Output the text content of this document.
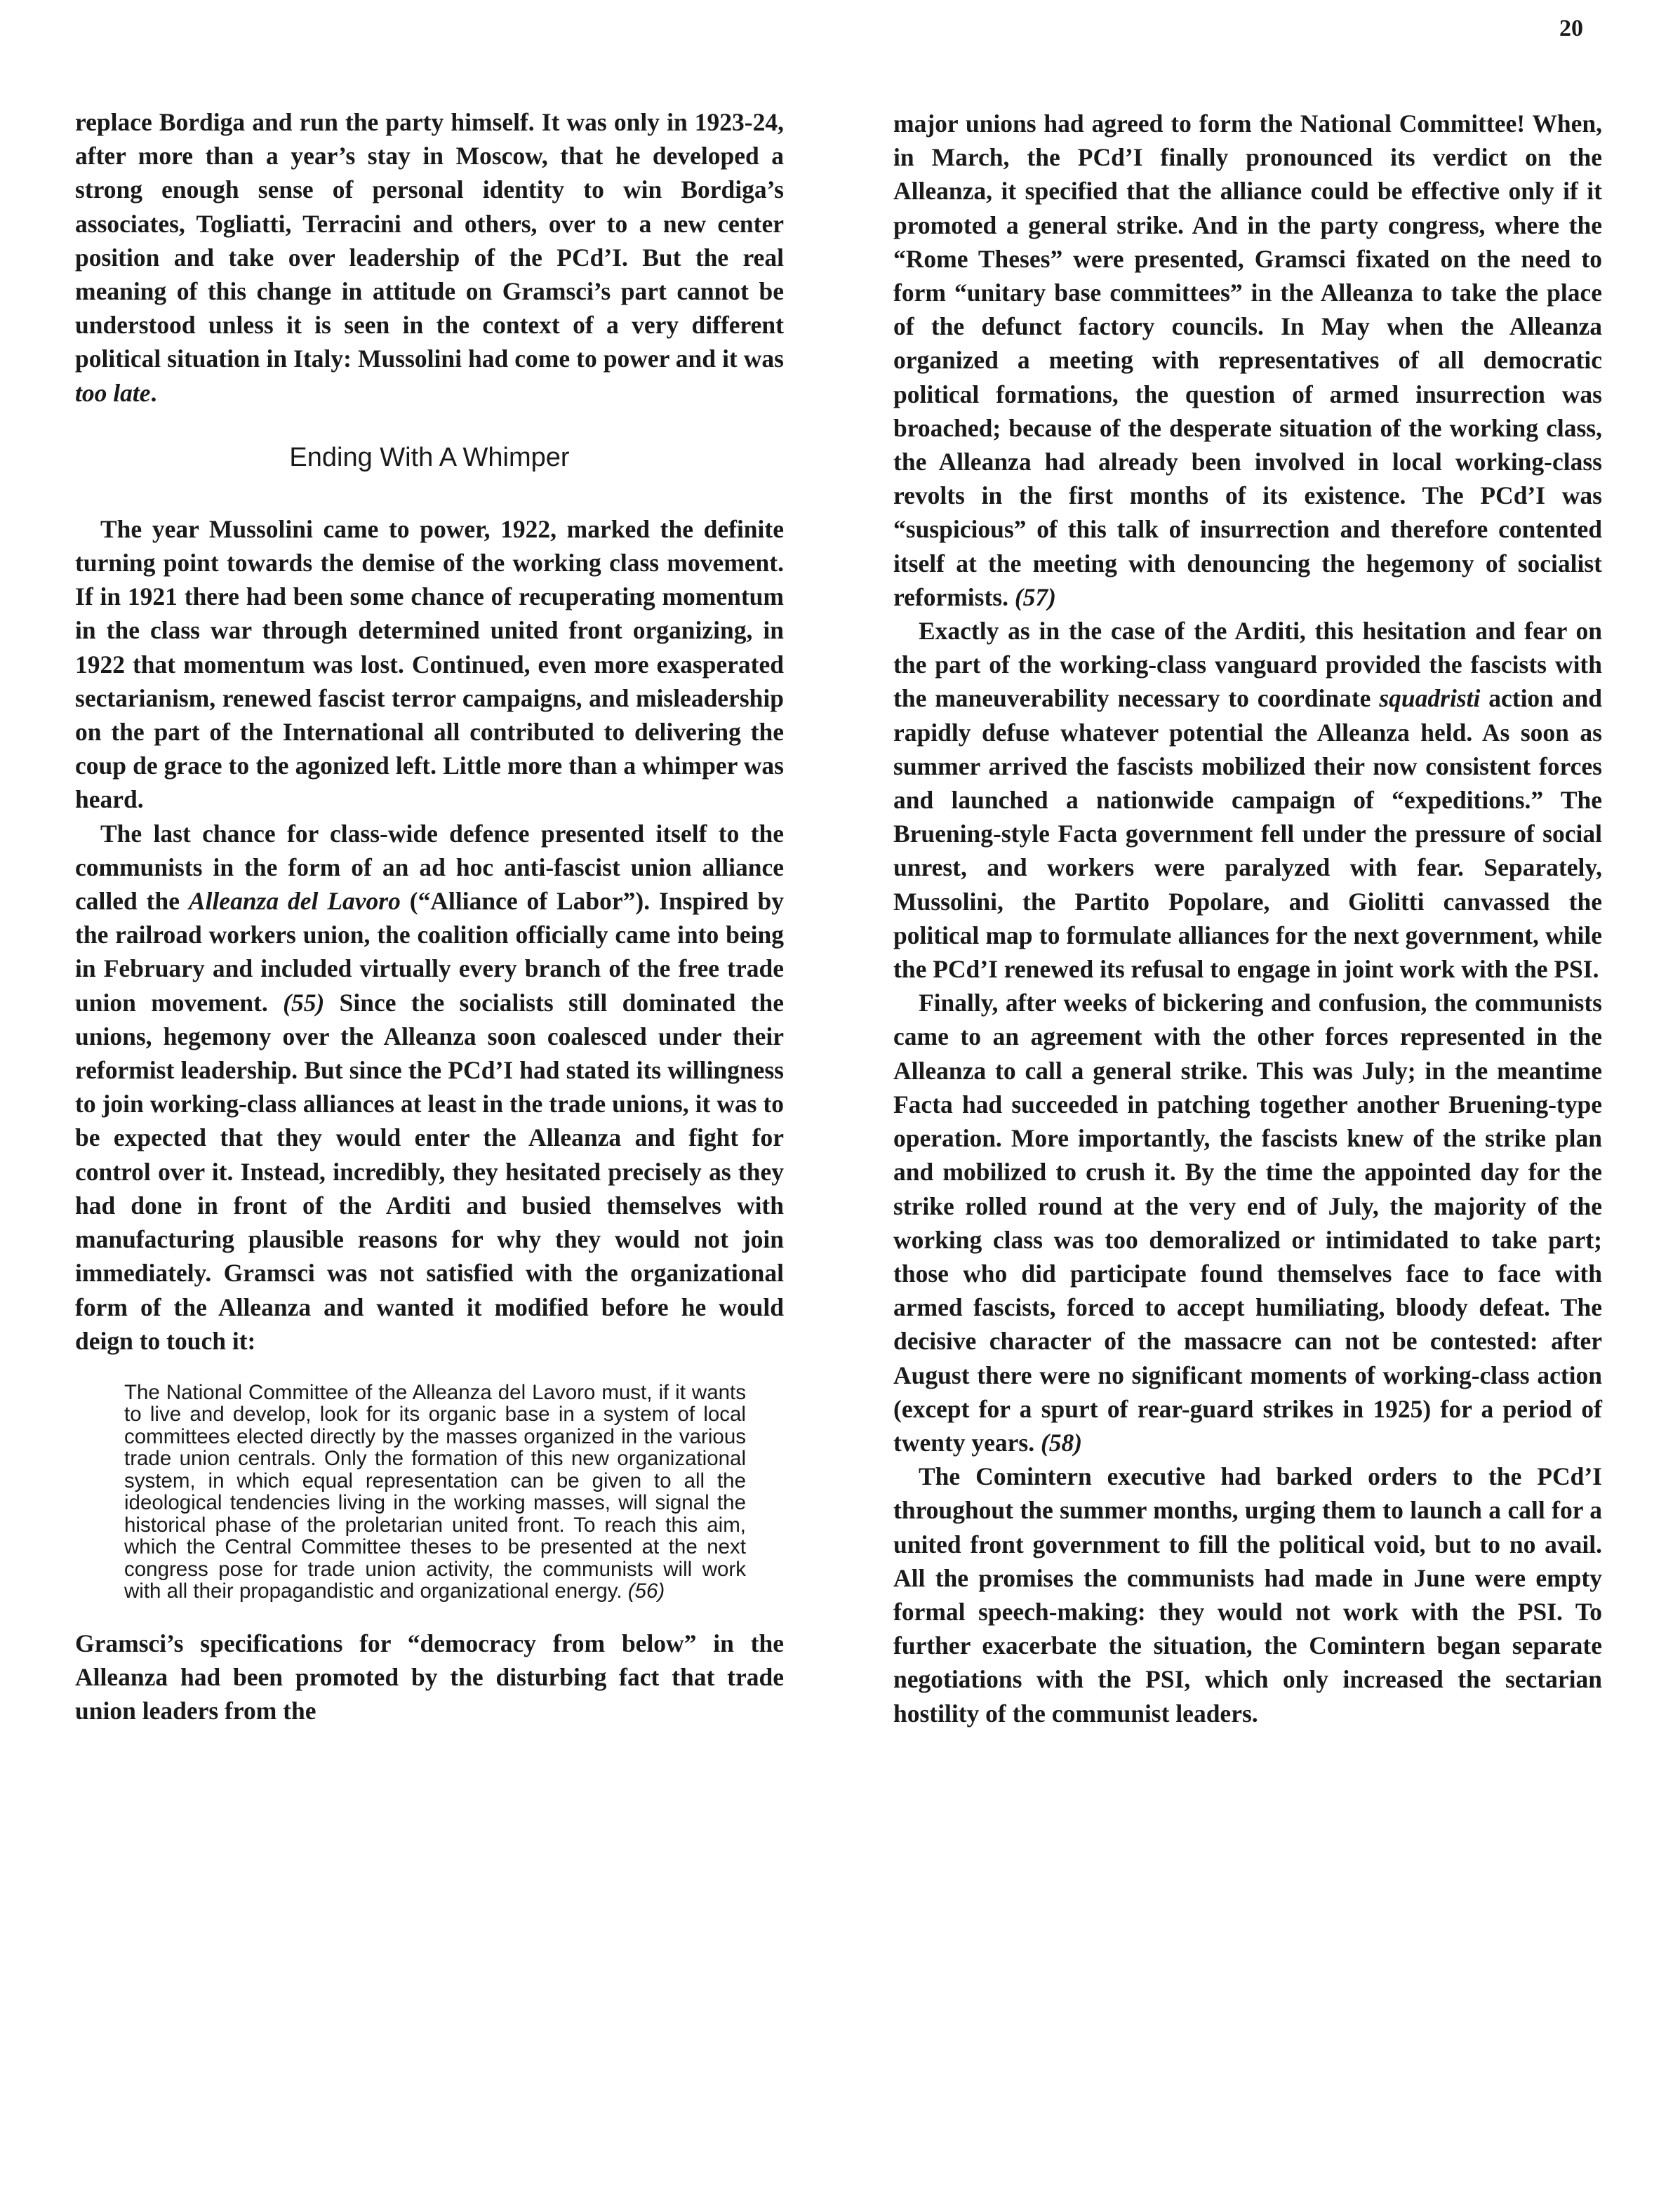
20

replace Bordiga and run the party himself. It was only in 1923-24, after more than a year’s stay in Moscow, that he developed a strong enough sense of personal identity to win Bordiga’s associates, Togliatti, Terracini and others, over to a new center position and take over leadership of the PCd’I. But the real meaning of this change in attitude on Gramsci’s part cannot be understood unless it is seen in the context of a very different political situation in Italy: Mussolini had come to power and it was too late.

Ending With A Whimper

The year Mussolini came to power, 1922, marked the definite turning point towards the demise of the working class movement. If in 1921 there had been some chance of recuperating momentum in the class war through determined united front organizing, in 1922 that momentum was lost. Continued, even more exasperated sectarianism, renewed fascist terror campaigns, and misleadership on the part of the International all contributed to delivering the coup de grace to the agonized left. Little more than a whimper was heard.

The last chance for class-wide defence presented itself to the communists in the form of an ad hoc anti-fascist union alliance called the Alleanza del Lavoro (“Alliance of Labor”). Inspired by the railroad workers union, the coalition officially came into being in February and included virtually every branch of the free trade union movement. (55) Since the socialists still dominated the unions, hegemony over the Alleanza soon coalesced under their reformist leadership. But since the PCd’I had stated its willingness to join working-class alliances at least in the trade unions, it was to be expected that they would enter the Alleanza and fight for control over it. Instead, incredibly, they hesitated precisely as they had done in front of the Arditi and busied themselves with manufacturing plausible reasons for why they would not join immediately. Gramsci was not satisfied with the organizational form of the Alleanza and wanted it modified before he would deign to touch it:

The National Committee of the Alleanza del Lavoro must, if it wants to live and develop, look for its organic base in a system of local committees elected directly by the masses organized in the various trade union centrals. Only the formation of this new organizational system, in which equal representation can be given to all the ideological tendencies living in the working masses, will signal the historical phase of the proletarian united front. To reach this aim, which the Central Committee theses to be presented at the next congress pose for trade union activity, the communists will work with all their propagandistic and organizational energy. (56)

Gramsci’s specifications for “democracy from below” in the Alleanza had been promoted by the disturbing fact that trade union leaders from the

major unions had agreed to form the National Committee! When, in March, the PCd’I finally pronounced its verdict on the Alleanza, it specified that the alliance could be effective only if it promoted a general strike. And in the party congress, where the “Rome Theses” were presented, Gramsci fixated on the need to form “unitary base committees” in the Alleanza to take the place of the defunct factory councils. In May when the Alleanza organized a meeting with representatives of all democratic political formations, the question of armed insurrection was broached; because of the desperate situation of the working class, the Alleanza had already been involved in local working-class revolts in the first months of its existence. The PCd’I was “suspicious” of this talk of insurrection and therefore contented itself at the meeting with denouncing the hegemony of socialist reformists. (57)

Exactly as in the case of the Arditi, this hesitation and fear on the part of the working-class vanguard provided the fascists with the maneuverability necessary to coordinate squadristi action and rapidly defuse whatever potential the Alleanza held. As soon as summer arrived the fascists mobilized their now consistent forces and launched a nationwide campaign of “expeditions.” The Bruening-style Facta government fell under the pressure of social unrest, and workers were paralyzed with fear. Separately, Mussolini, the Partito Popolare, and Giolitti canvassed the political map to formulate alliances for the next government, while the PCd’I renewed its refusal to engage in joint work with the PSI.

Finally, after weeks of bickering and confusion, the communists came to an agreement with the other forces represented in the Alleanza to call a general strike. This was July; in the meantime Facta had succeeded in patching together another Bruening-type operation. More importantly, the fascists knew of the strike plan and mobilized to crush it. By the time the appointed day for the strike rolled round at the very end of July, the majority of the working class was too demoralized or intimidated to take part; those who did participate found themselves face to face with armed fascists, forced to accept humiliating, bloody defeat. The decisive character of the massacre can not be contested: after August there were no significant moments of working-class action (except for a spurt of rear-guard strikes in 1925) for a period of twenty years. (58)

The Comintern executive had barked orders to the PCd’I throughout the summer months, urging them to launch a call for a united front government to fill the political void, but to no avail. All the promises the communists had made in June were empty formal speech-making: they would not work with the PSI. To further exacerbate the situation, the Comintern began separate negotiations with the PSI, which only increased the sectarian hostility of the communist leaders.
